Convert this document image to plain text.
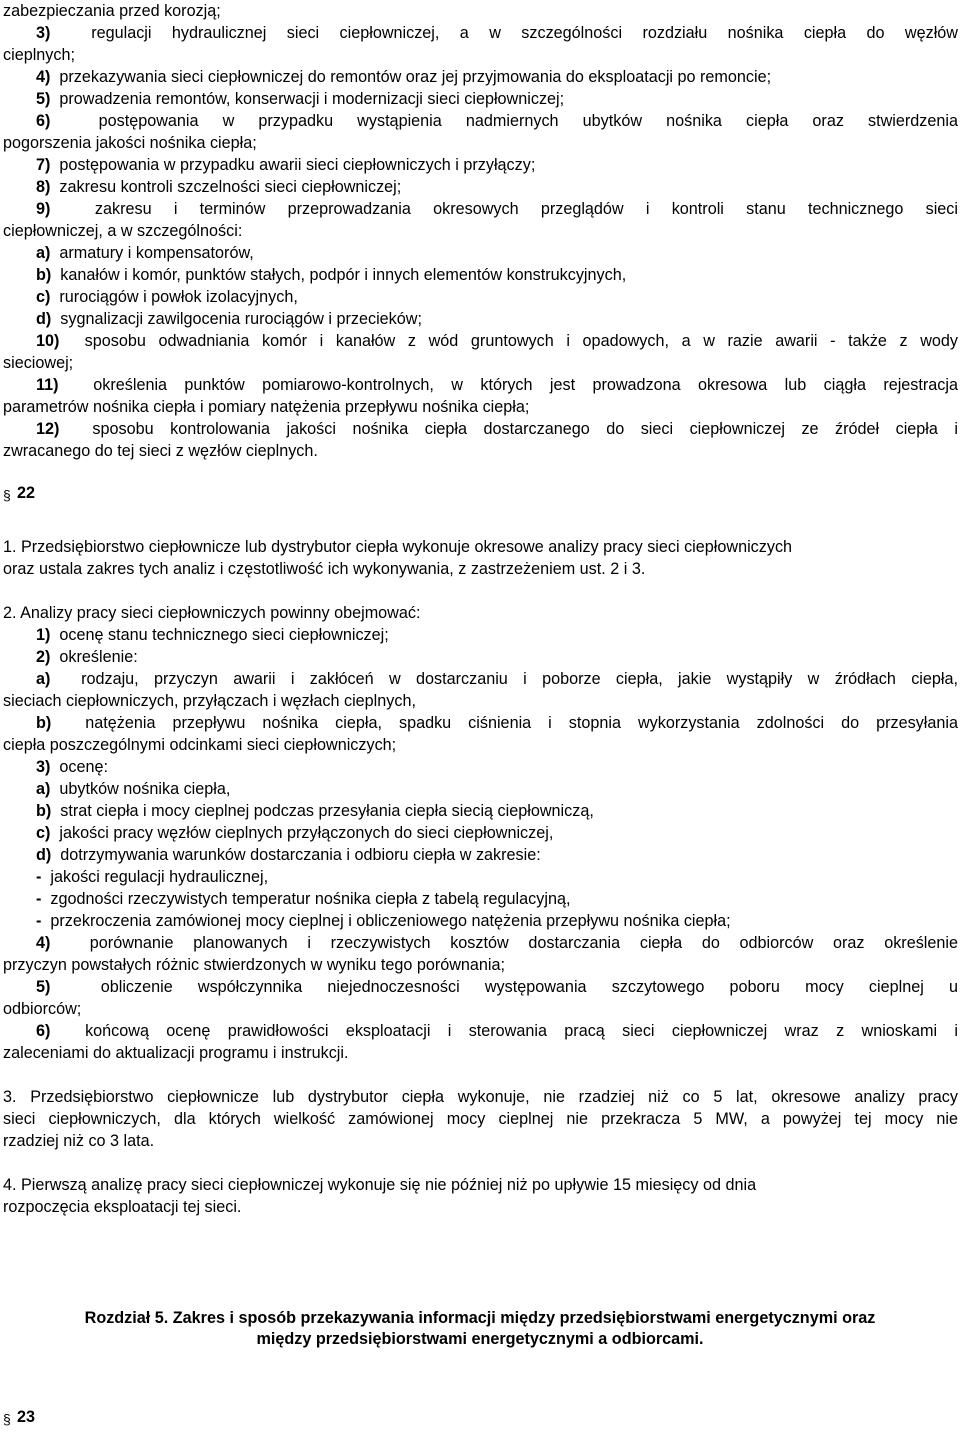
zabezpieczania przed korozją;
3)	regulacji hydraulicznej sieci ciepłowniczej, a w szczególności rozdziału nośnika ciepła do węzłów
cieplnych;
4) przekazywania sieci ciepłowniczej do remontów oraz jej przyjmowania do eksploatacji po remoncie;
5) prowadzenia remontów, konserwacji i modernizacji sieci ciepłowniczej;
6)	postępowania w przypadku wystąpienia nadmiernych ubytków nośnika ciepła oraz stwierdzenia
pogorszenia jakości nośnika ciepła;
7) postępowania w przypadku awarii sieci ciepłowniczych i przyłączy;
8) zakresu kontroli szczelności sieci ciepłowniczej;
9)	zakresu i terminów przeprowadzania okresowych przeglądów i kontroli stanu technicznego sieci
ciepłowniczej, a w szczególności:
a) armatury i kompensatorów,
b) kanałów i komór, punktów stałych, podpór i innych elementów konstrukcyjnych,
c) rurociągów i powłok izolacyjnych,
d) sygnalizacji zawilgocenia rurociągów i przecieków;
10) sposobu odwadniania komór i kanałów z wód gruntowych i opadowych, a w razie awarii - także z wody
sieciowej;
11) określenia punktów pomiarowo-kontrolnych, w których jest prowadzona okresowa lub ciągła rejestracja
parametrów nośnika ciepła i pomiary natężenia przepływu nośnika ciepła;
12) sposobu kontrolowania jakości nośnika ciepła dostarczanego do sieci ciepłowniczej ze źródeł ciepła i
zwracanego do tej sieci z węzłów cieplnych.
§ 22
1. Przedsiębiorstwo ciepłownicze lub dystrybutor ciepła wykonuje okresowe analizy pracy sieci ciepłowniczych
oraz ustala zakres tych analiz i częstotliwość ich wykonywania, z zastrzeżeniem ust. 2 i 3.
2. Analizy pracy sieci ciepłowniczych powinny obejmować:
1) ocenę stanu technicznego sieci ciepłowniczej;
2) określenie:
a) rodzaju, przyczyn awarii i zakłóceń w dostarczaniu i poborze ciepła, jakie wystąpiły w źródłach ciepła,
sieciach ciepłowniczych, przyłączach i węzłach cieplnych,
b) natężenia przepływu nośnika ciepła, spadku ciśnienia i stopnia wykorzystania zdolności do przesyłania
ciepła poszczególnymi odcinkami sieci ciepłowniczych;
3) ocenę:
a) ubytków nośnika ciepła,
b) strat ciepła i mocy cieplnej podczas przesyłania ciepła siecią ciepłowniczą,
c) jakości pracy węzłów cieplnych przyłączonych do sieci ciepłowniczej,
d) dotrzymywania warunków dostarczania i odbioru ciepła w zakresie:
- jakości regulacji hydraulicznej,
- zgodności rzeczywistych temperatur nośnika ciepła z tabelą regulacyjną,
- przekroczenia zamówionej mocy cieplnej i obliczeniowego natężenia przepływu nośnika ciepła;
4) porównanie planowanych i rzeczywistych kosztów dostarczania ciepła do odbiorców oraz określenie
przyczyn powstałych różnic stwierdzonych w wyniku tego porównania;
5)	obliczenie współczynnika niejednoczesności występowania szczytowego poboru mocy cieplnej u
odbiorców;
6) końcową ocenę prawidłowości eksploatacji i sterowania pracą sieci ciepłowniczej wraz z wnioskami i
zaleceniami do aktualizacji programu i instrukcji.
3. Przedsiębiorstwo ciepłownicze lub dystrybutor ciepła wykonuje, nie rzadziej niż co 5 lat, okresowe analizy pracy
sieci ciepłowniczych, dla których wielkość zamówionej mocy cieplnej nie przekracza 5 MW, a powyżej tej mocy nie
rzadziej niż co 3 lata.
4. Pierwszą analizę pracy sieci ciepłowniczej wykonuje się nie później niż po upływie 15 miesięcy od dnia
rozpoczęcia eksploatacji tej sieci.
Rozdział 5. Zakres i sposób przekazywania informacji między przedsiębiorstwami energetycznymi oraz
między przedsiębiorstwami energetycznymi a odbiorcami.
§ 23
